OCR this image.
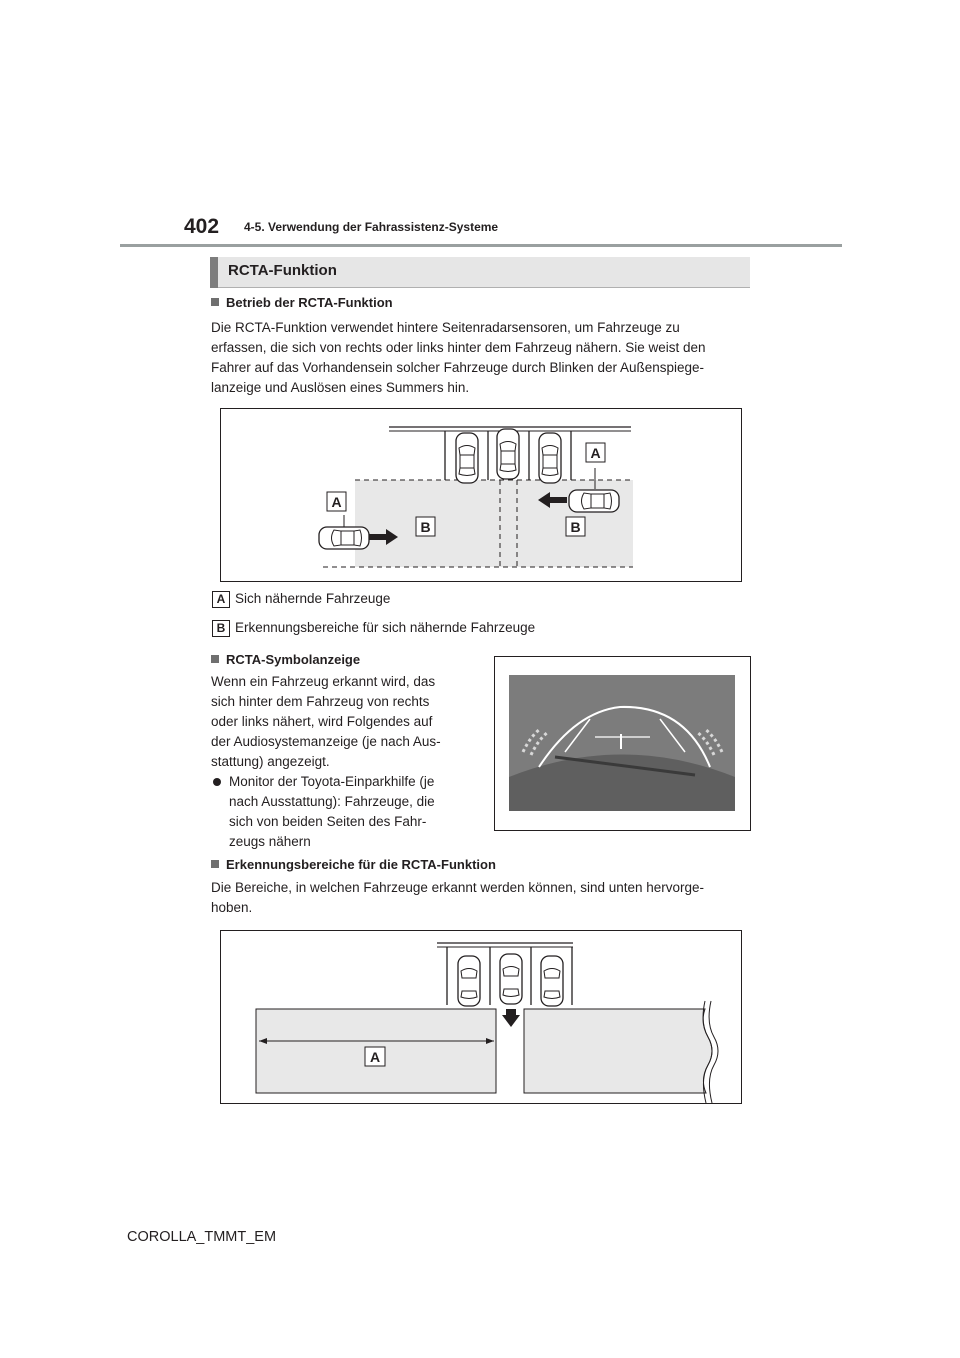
402 4-5. Verwendung der Fahrassistenz-Systeme
RCTA-Funktion
Betrieb der RCTA-Funktion
Die RCTA-Funktion verwendet hintere Seitenradarsensoren, um Fahrzeuge zu
erfassen, die sich von rechts oder links hinter dem Fahrzeug nähern. Sie weist den
Fahrer auf das Vorhandensein solcher Fahrzeuge durch Blinken der Außenspiege-
lanzeige und Auslösen eines Summers hin.
A
A
B	B
A Sich nähernde Fahrzeuge
B Erkennungsbereiche für sich nähernde Fahrzeuge
RCTA-Symbolanzeige
Wenn ein Fahrzeug erkannt wird, das
sich hinter dem Fahrzeug von rechts
oder links nähert, wird Folgendes auf
der Audiosystemanzeige (je nach Aus-
stattung) angezeigt.
Monitor der Toyota-Einparkhilfe (je
nach Ausstattung): Fahrzeuge, die
sich von beiden Seiten des Fahr-
zeugs nähern
Erkennungsbereiche für die RCTA-Funktion
Die Bereiche, in welchen Fahrzeuge erkannt werden können, sind unten hervorge-
hoben.
A
COROLLA_TMMT_EM
